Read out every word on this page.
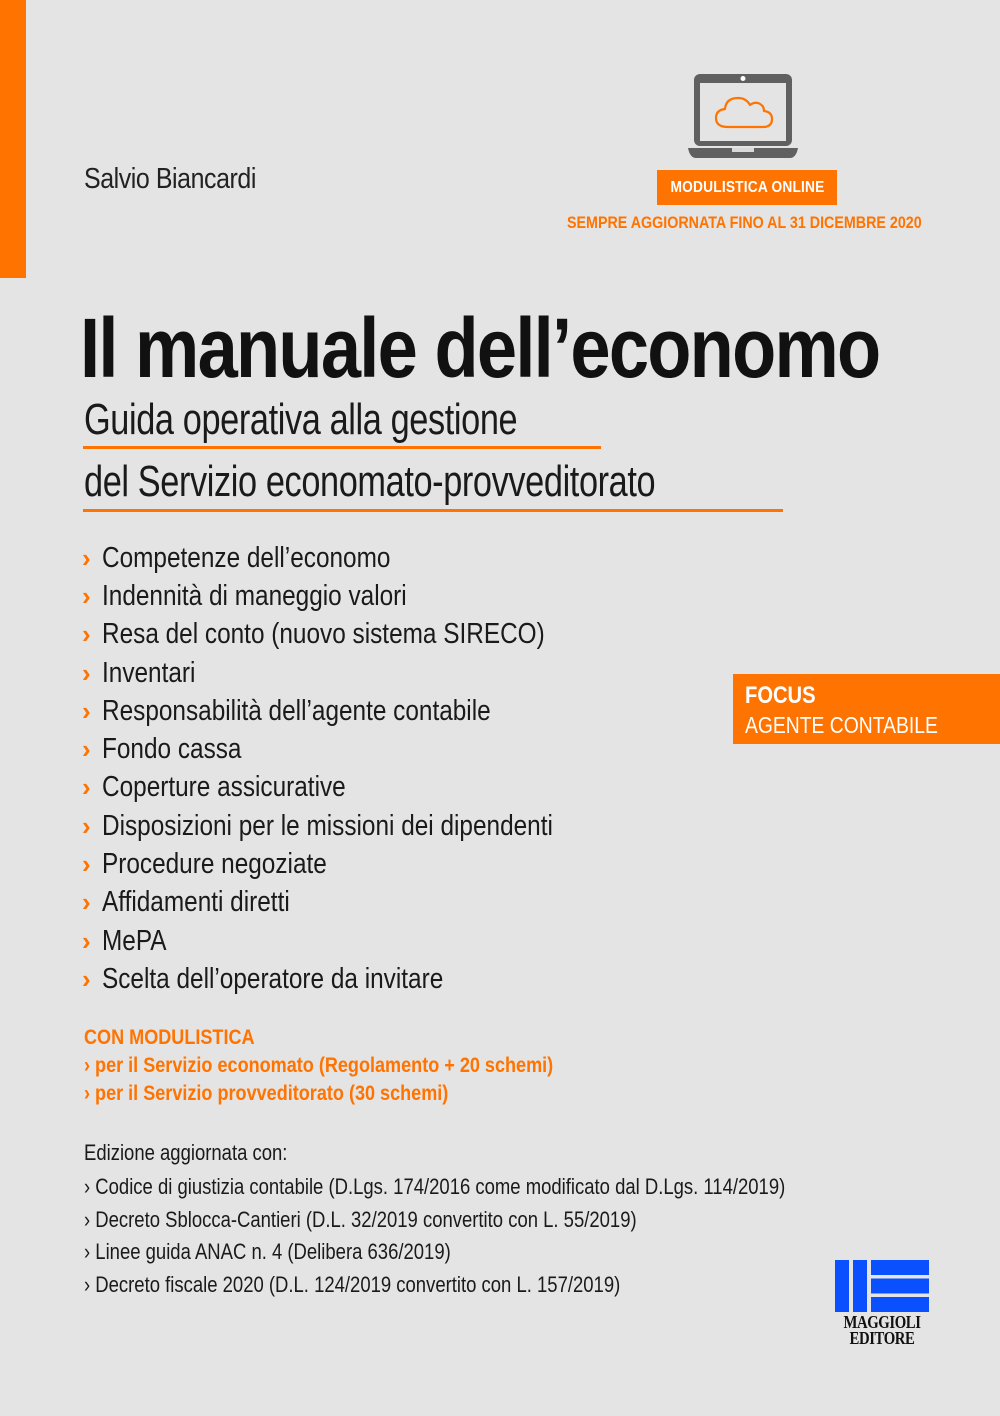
Salvio Biancardi	MODULISTICA ONLINE
SEMPRE AGGIORNATA FINO AL 31 DICEMBRE 2020
Il manuale dell’economo
Guida operativa alla gestione
del Servizio economato-provveditorato
› Competenze dell’economo
› Indennità di maneggio valori
› Resa del conto (nuovo sistema SIRECO)
› Inventari
› Responsabilità dell’agente contabile
› Fondo cassa
› Coperture assicurative
› Disposizioni per le missioni dei dipendenti
› Procedure negoziate
› Affidamenti diretti
› MePA
› Scelta dell’operatore da invitare
FOCUS
AGENTE CONTABILE
CON MODULISTICA
› per il Servizio economato (Regolamento + 20 schemi)
› per il Servizio provveditorato (30 schemi)
Edizione aggiornata con:
› Codice di giustizia contabile (D.Lgs. 174/2016 come modificato dal D.Lgs. 114/2019)
› Decreto Sblocca-Cantieri (D.L. 32/2019 convertito con L. 55/2019)
› Linee guida ANAC n. 4 (Delibera 636/2019)
› Decreto fiscale 2020 (D.L. 124/2019 convertito con L. 157/2019)
MAGGIOLI
EDITORE
